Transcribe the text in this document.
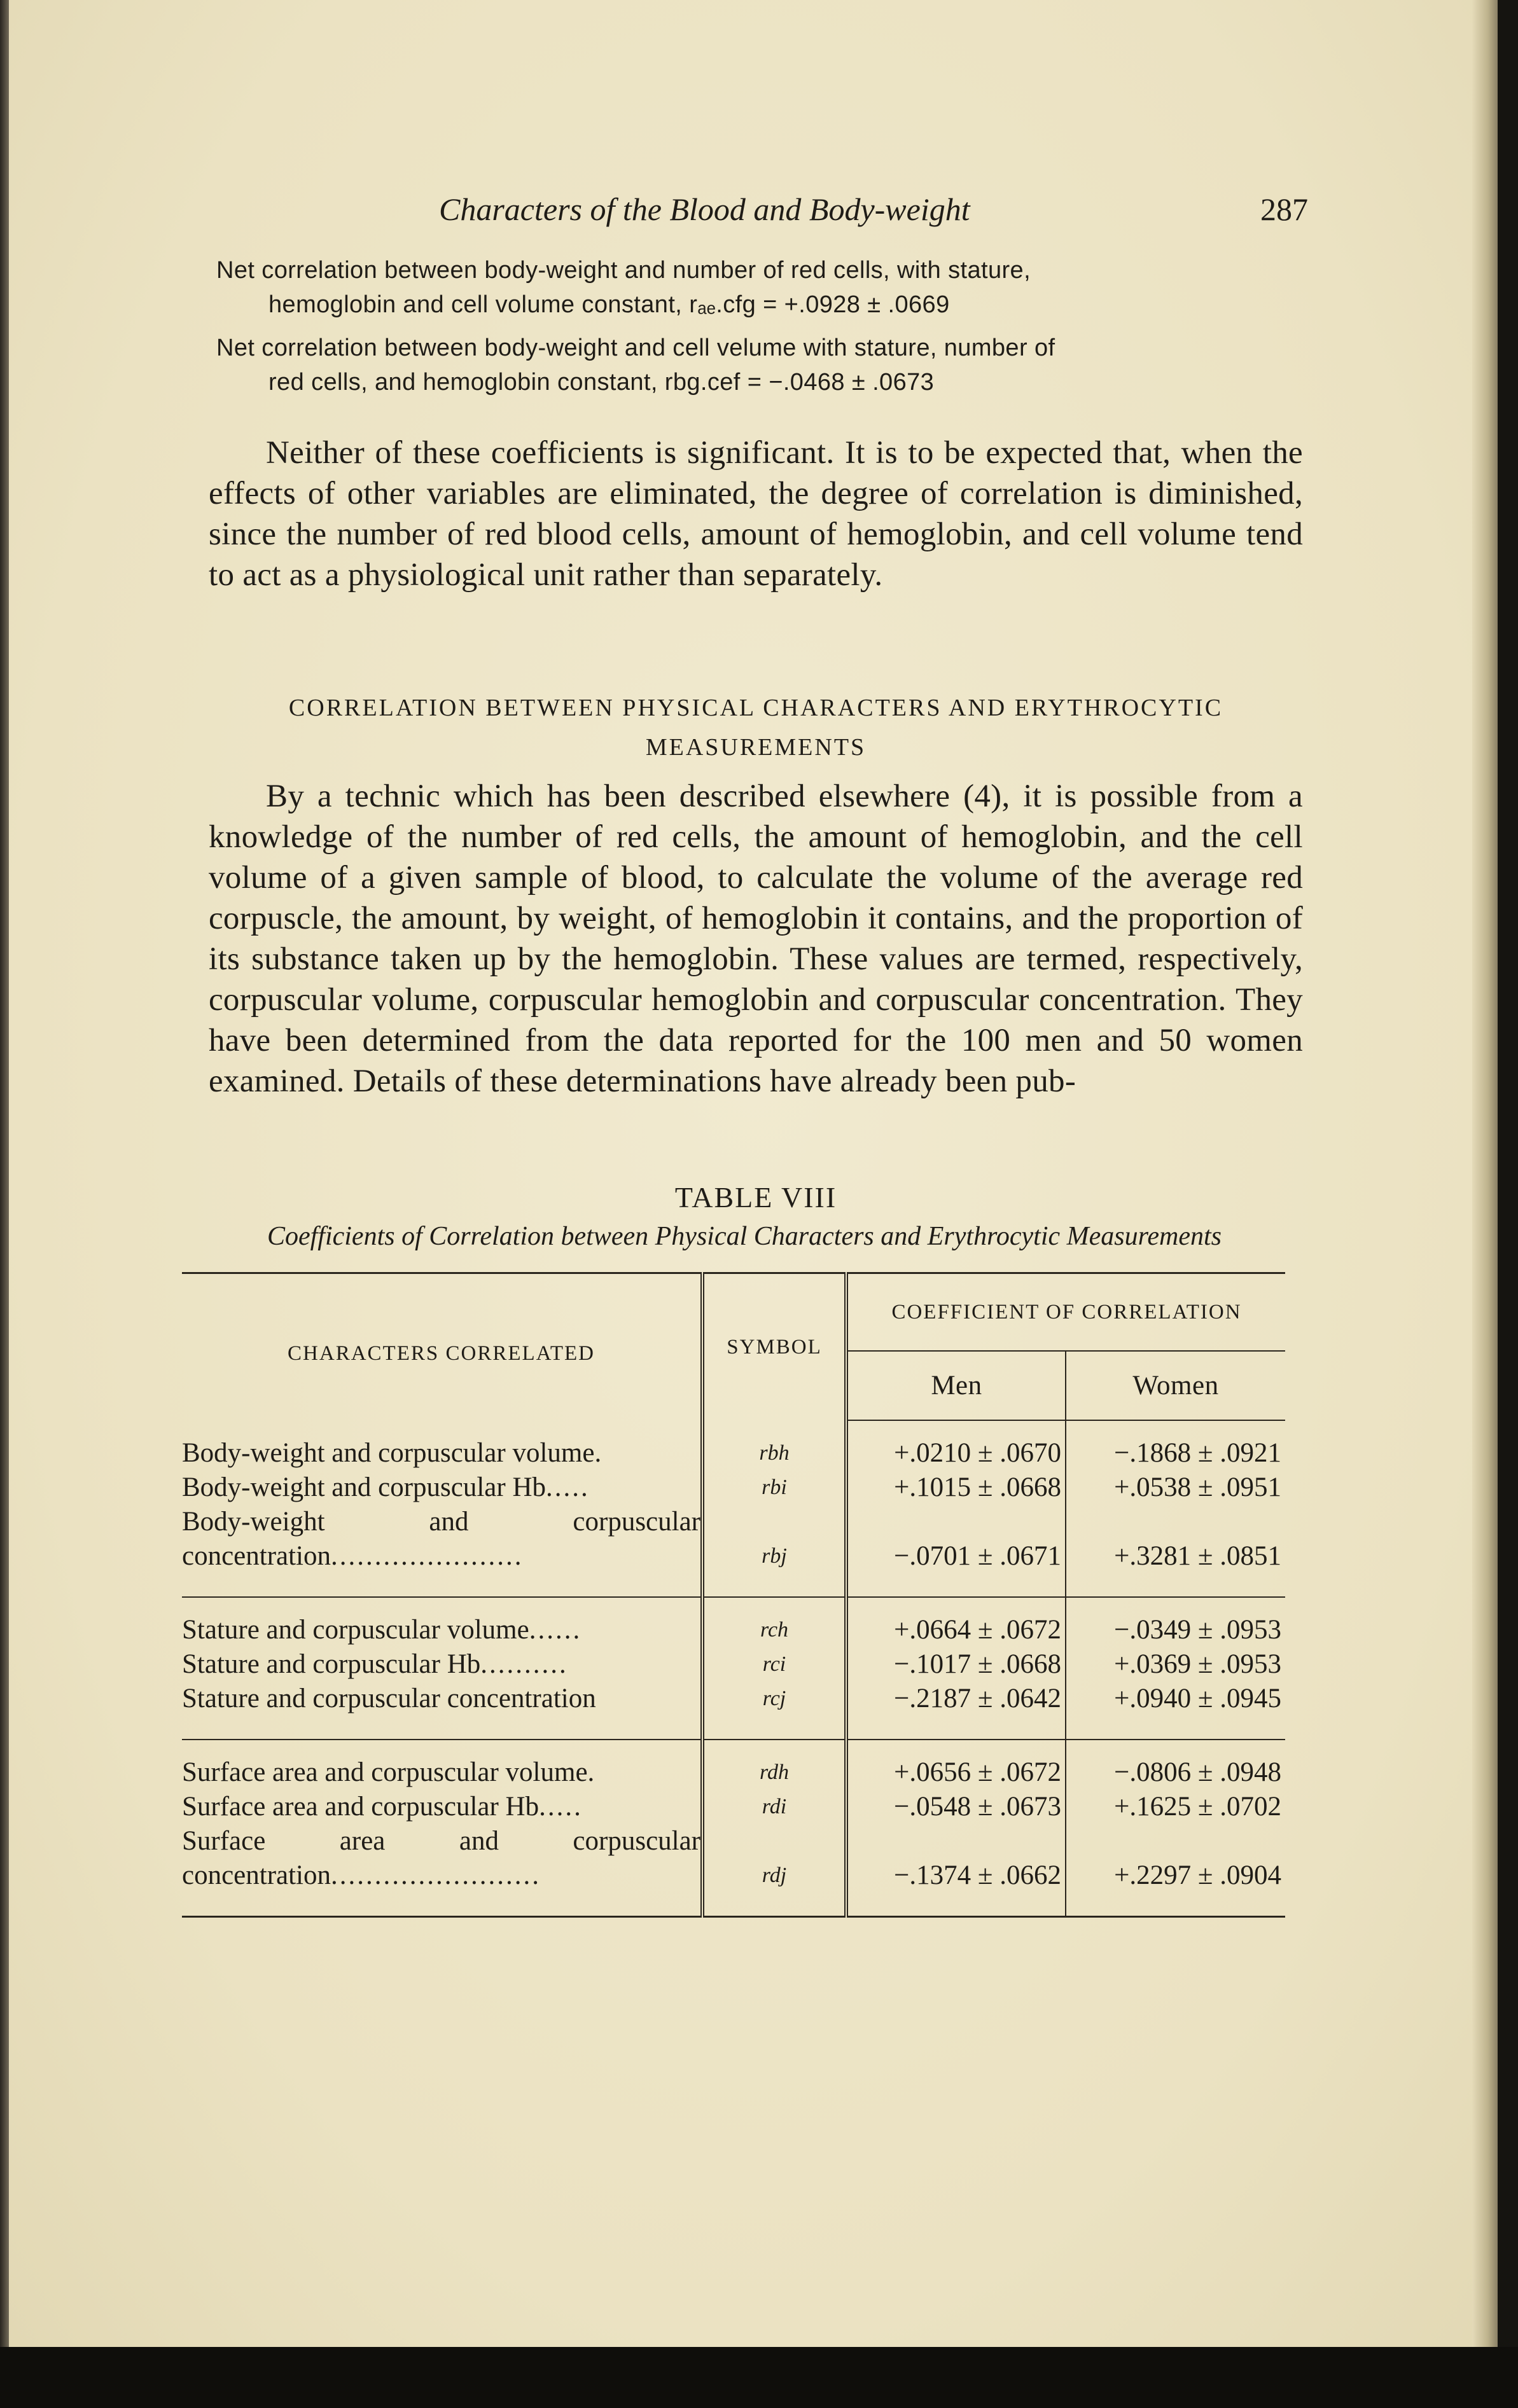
Characters of the Blood and Body-weight	287
Net correlation between body-weight and number of red cells, with stature,
hemoglobin and cell volume constant, rₐₑ.cfg = +.0928 ± .0669
Net correlation between body-weight and cell velume with stature, number of
red cells, and hemoglobin constant, rbg.cef = −.0468 ± .0673

Neither of these coefficients is significant. It is to be expected that, when the effects of other variables are eliminated, the degree of correlation is diminished, since the number of red blood cells, amount of hemoglobin, and cell volume tend to act as a physiological unit rather than separately.

CORRELATION BETWEEN PHYSICAL CHARACTERS AND ERYTHROCYTIC
MEASUREMENTS

By a technic which has been described elsewhere (4), it is possible from a knowledge of the number of red cells, the amount of hemoglobin, and the cell volume of a given sample of blood, to calculate the volume of the average red corpuscle, the amount, by weight, of hemoglobin it contains, and the proportion of its substance taken up by the hemoglobin. These values are termed, respectively, corpuscular volume, corpuscular hemoglobin and corpuscular concentration. They have been determined from the data reported for the 100 men and 50 women examined. Details of these determinations have already been pub-

TABLE VIII
Coefficients of Correlation between Physical Characters and Erythrocytic Measurements
CHARACTERS CORRELATED	SYMBOL	COEFFICIENT OF CORRELATION	
		Men	Women

Body-weight and corpuscular volume.	rbh	+.0210 ± .0670	−.1868 ± .0921
Body-weight and corpuscular Hb.....	rbi	+.1015 ± .0668	+.0538 ± .0951
Body-weight and corpuscular concentration......................	rbj	−.0701 ± .0671	+.3281 ± .0851

Stature and corpuscular volume......	rch	+.0664 ± .0672	−.0349 ± .0953
Stature and corpuscular Hb..........	rci	−.1017 ± .0668	+.0369 ± .0953
Stature and corpuscular concentration	rcj	−.2187 ± .0642	+.0940 ± .0945

Surface area and corpuscular volume.	rdh	+.0656 ± .0672	−.0806 ± .0948
Surface area and corpuscular Hb.....	rdi	−.0548 ± .0673	+.1625 ± .0702
Surface area and corpuscular concentration........................	rdj	−.1374 ± .0662	+.2297 ± .0904
